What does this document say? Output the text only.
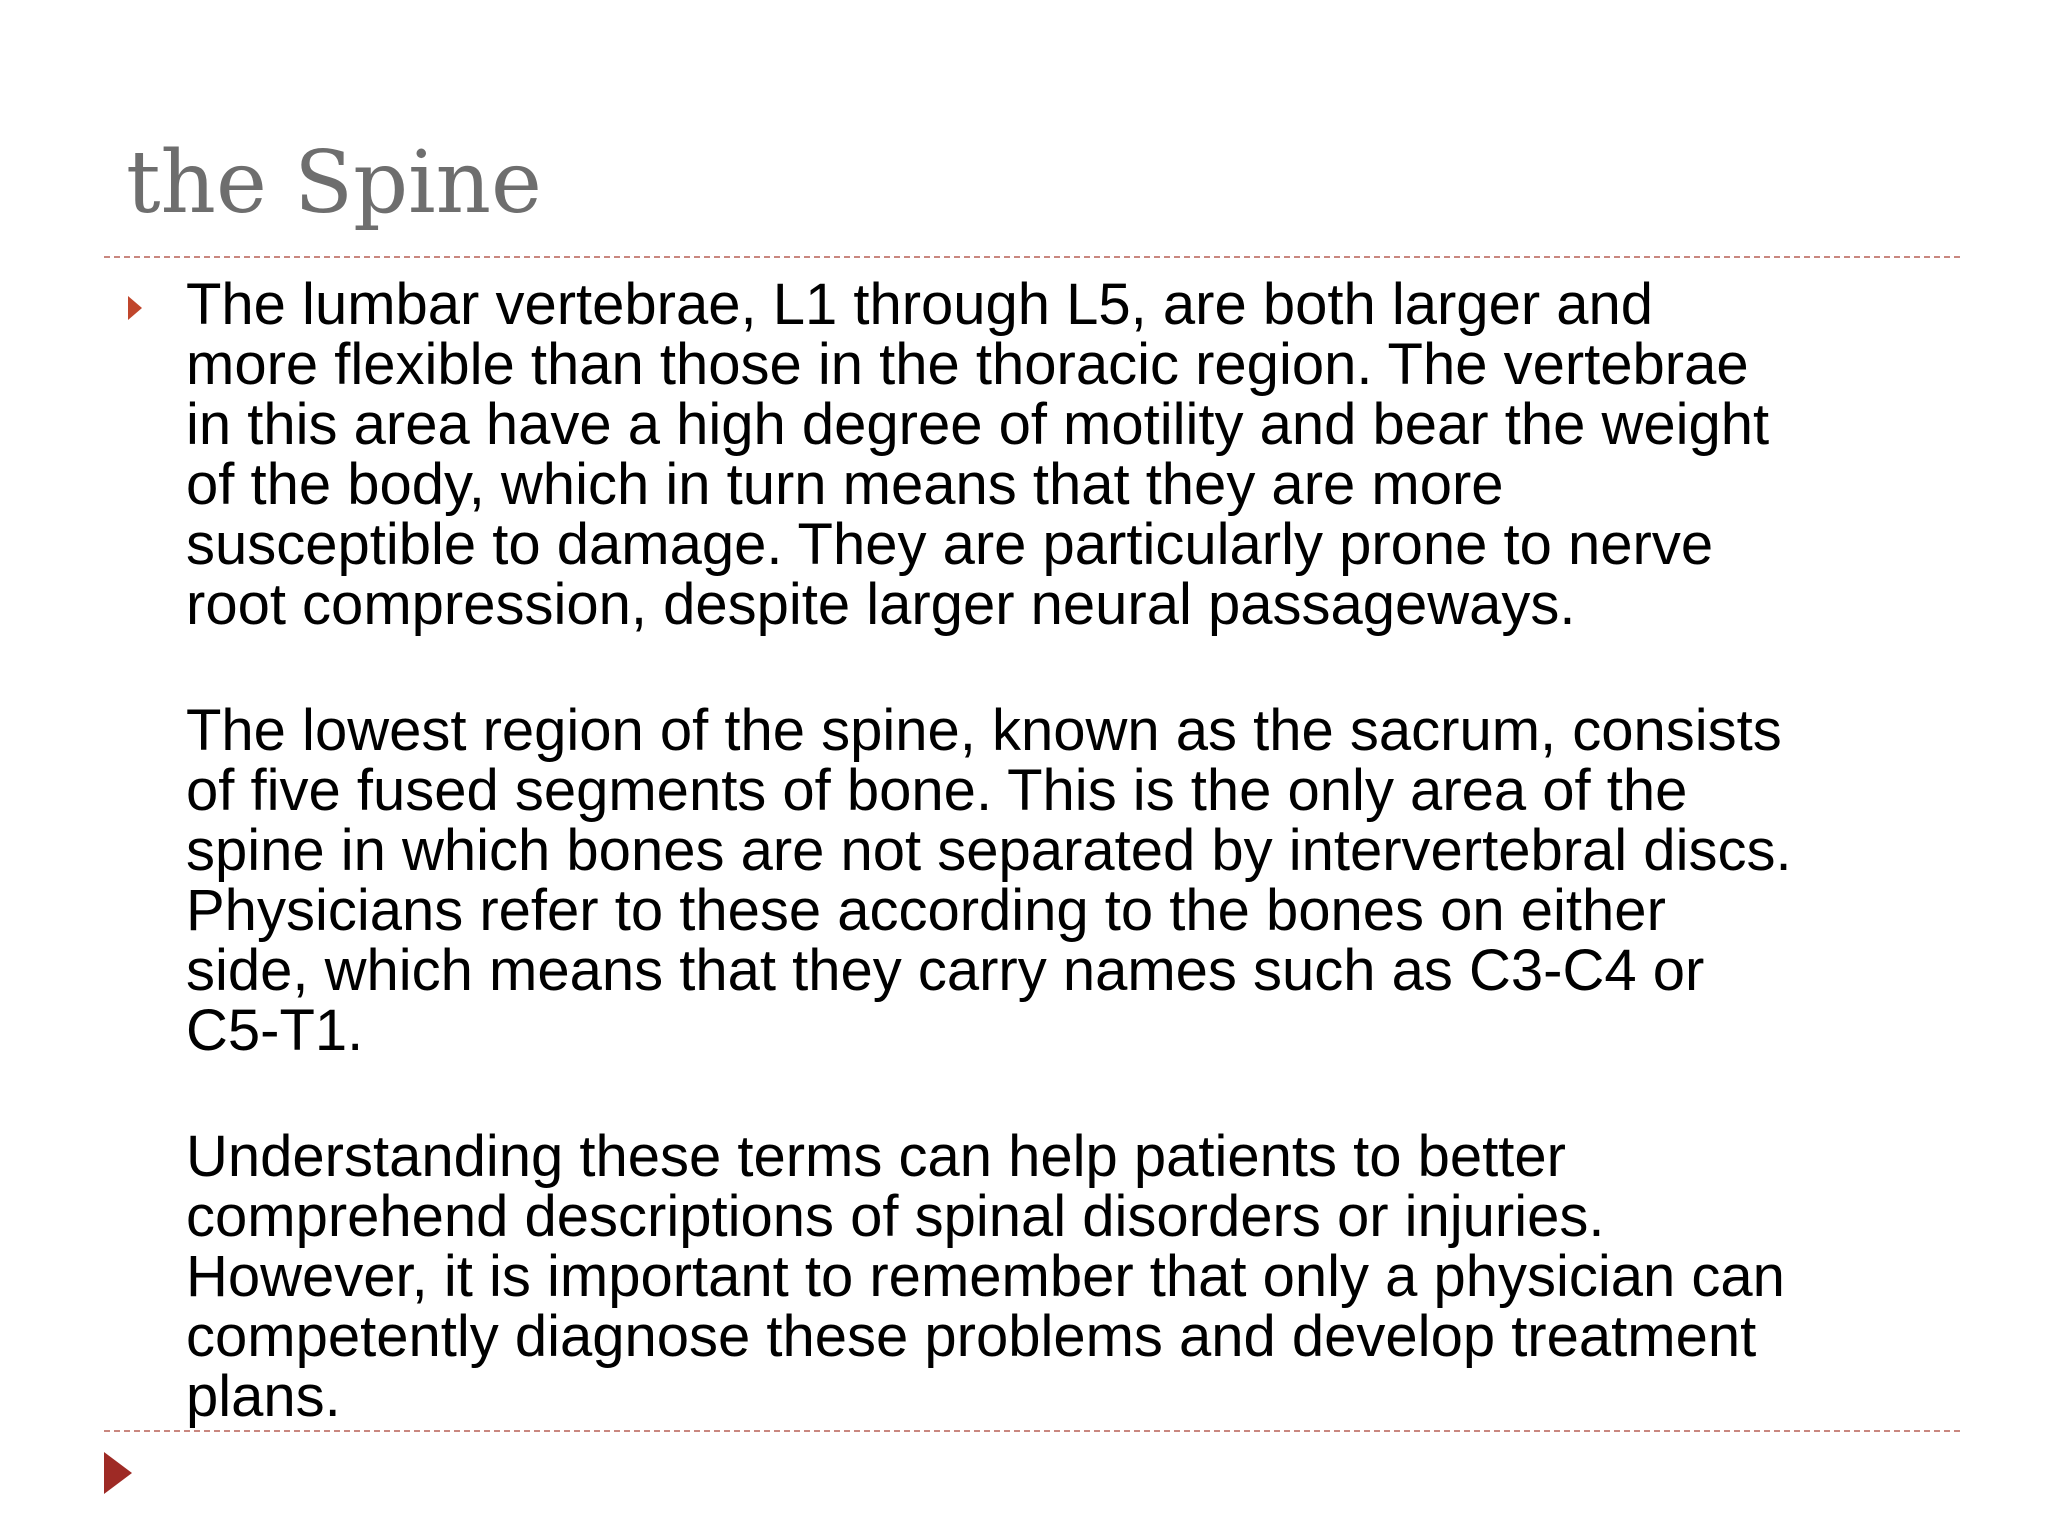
the Spine
The lumbar vertebrae, L1 through L5, are both larger and
more flexible than those in the thoracic region. The vertebrae
in this area have a high degree of motility and bear the weight
of the body, which in turn means that they are more
susceptible to damage. They are particularly prone to nerve
root compression, despite larger neural passageways.
The lowest region of the spine, known as the sacrum, consists
of five fused segments of bone. This is the only area of the
spine in which bones are not separated by intervertebral discs.
Physicians refer to these according to the bones on either
side, which means that they carry names such as C3-C4 or
C5-T1.
Understanding these terms can help patients to better
comprehend descriptions of spinal disorders or injuries.
However, it is important to remember that only a physician can
competently diagnose these problems and develop treatment
plans.
